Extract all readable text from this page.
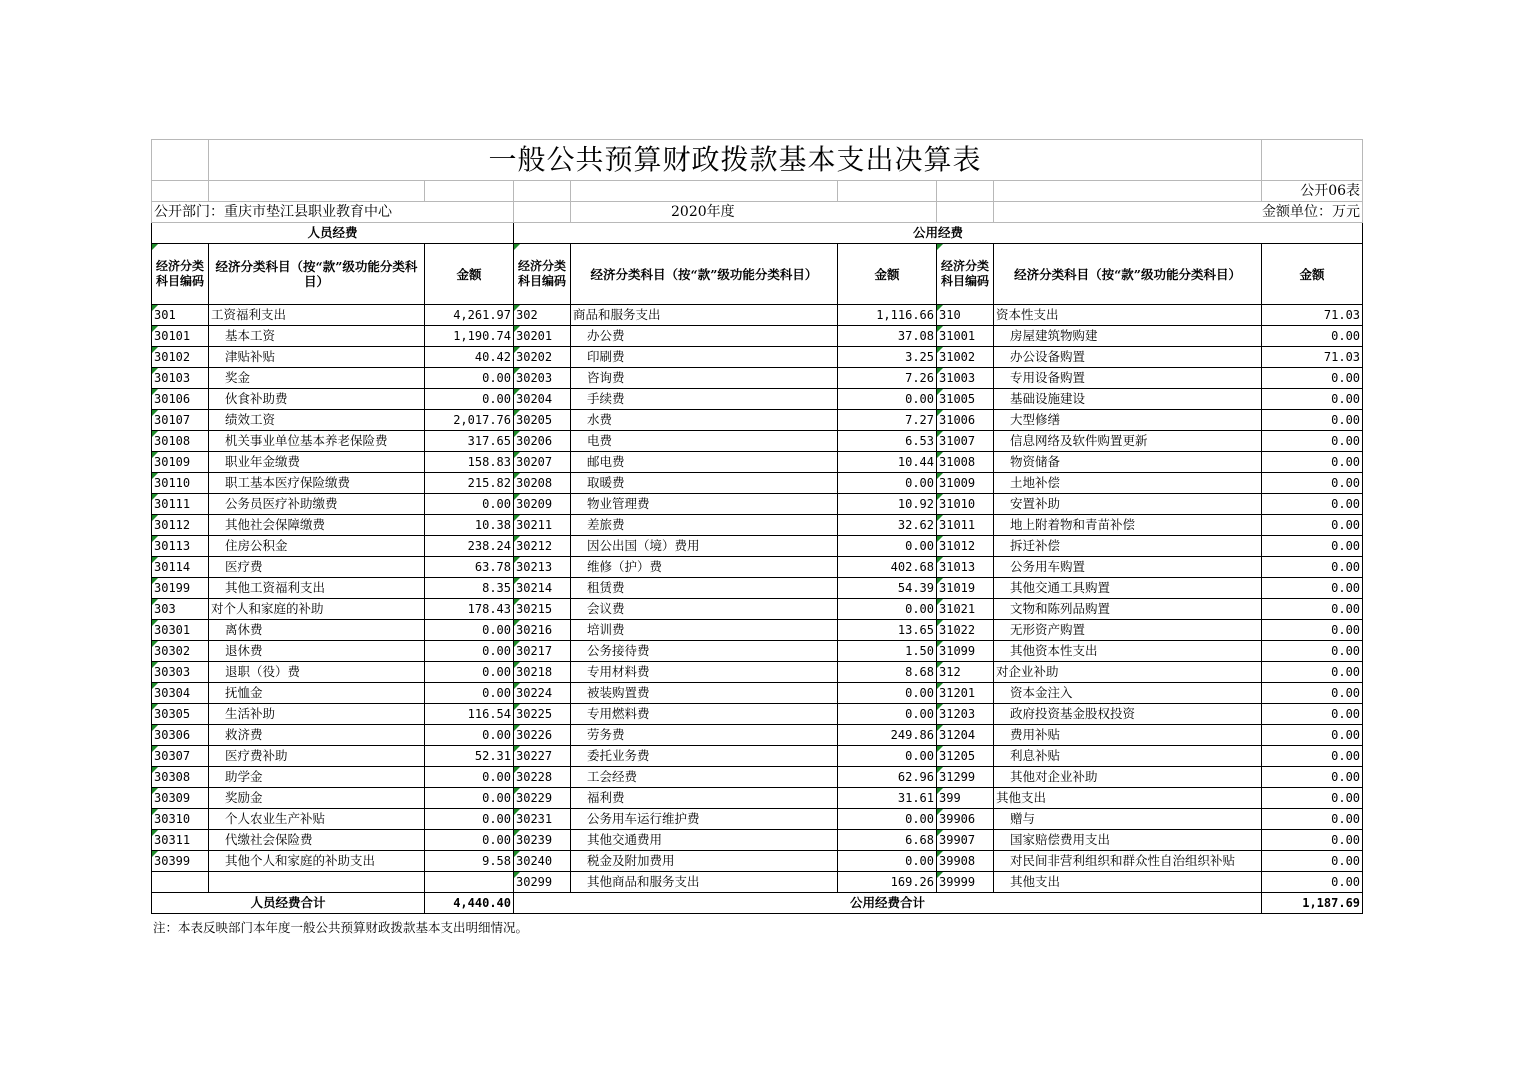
	一般公共预算财政拨款基本支出决算表							
								公开06表
公开部门：重庆市垫江县职业教育中心				2020年度			金额单位：万元	
人员经费			公用经费					
经济分类科目编码	经济分类科目（按“款”级功能分类科目）	金额	经济分类科目编码	经济分类科目（按“款”级功能分类科目）	金额	经济分类科目编码	经济分类科目（按“款”级功能分类科目）	金额
301	工资福利支出	4,261.97	302	商品和服务支出	1,116.66	310	资本性支出	71.03
30101	基本工资	1,190.74	30201	办公费	37.08	31001	房屋建筑物购建	0.00
30102	津贴补贴	40.42	30202	印刷费	3.25	31002	办公设备购置	71.03
30103	奖金	0.00	30203	咨询费	7.26	31003	专用设备购置	0.00
30106	伙食补助费	0.00	30204	手续费	0.00	31005	基础设施建设	0.00
30107	绩效工资	2,017.76	30205	水费	7.27	31006	大型修缮	0.00
30108	机关事业单位基本养老保险费	317.65	30206	电费	6.53	31007	信息网络及软件购置更新	0.00
30109	职业年金缴费	158.83	30207	邮电费	10.44	31008	物资储备	0.00
30110	职工基本医疗保险缴费	215.82	30208	取暖费	0.00	31009	土地补偿	0.00
30111	公务员医疗补助缴费	0.00	30209	物业管理费	10.92	31010	安置补助	0.00
30112	其他社会保障缴费	10.38	30211	差旅费	32.62	31011	地上附着物和青苗补偿	0.00
30113	住房公积金	238.24	30212	因公出国（境）费用	0.00	31012	拆迁补偿	0.00
30114	医疗费	63.78	30213	维修（护）费	402.68	31013	公务用车购置	0.00
30199	其他工资福利支出	8.35	30214	租赁费	54.39	31019	其他交通工具购置	0.00
303	对个人和家庭的补助	178.43	30215	会议费	0.00	31021	文物和陈列品购置	0.00
30301	离休费	0.00	30216	培训费	13.65	31022	无形资产购置	0.00
30302	退休费	0.00	30217	公务接待费	1.50	31099	其他资本性支出	0.00
30303	退职（役）费	0.00	30218	专用材料费	8.68	312	对企业补助	0.00
30304	抚恤金	0.00	30224	被装购置费	0.00	31201	资本金注入	0.00
30305	生活补助	116.54	30225	专用燃料费	0.00	31203	政府投资基金股权投资	0.00
30306	救济费	0.00	30226	劳务费	249.86	31204	费用补贴	0.00
30307	医疗费补助	52.31	30227	委托业务费	0.00	31205	利息补贴	0.00
30308	助学金	0.00	30228	工会经费	62.96	31299	其他对企业补助	0.00
30309	奖励金	0.00	30229	福利费	31.61	399	其他支出	0.00
30310	个人农业生产补贴	0.00	30231	公务用车运行维护费	0.00	39906	赠与	0.00
30311	代缴社会保险费	0.00	30239	其他交通费用	6.68	39907	国家赔偿费用支出	0.00
30399	其他个人和家庭的补助支出	9.58	30240	税金及附加费用	0.00	39908	对民间非营利组织和群众性自治组织补贴	0.00
			30299	其他商品和服务支出	169.26	39999	其他支出	0.00
人员经费合计		4,440.40	公用经费合计					1,187.69
注：本表反映部门本年度一般公共预算财政拨款基本支出明细情况。
